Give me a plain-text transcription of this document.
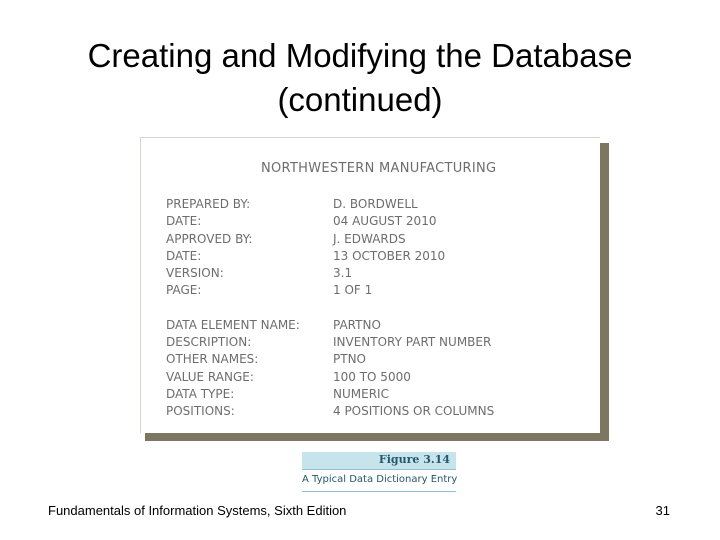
Creating and Modifying the Database
(continued)
NORTHWESTERN MANUFACTURING
PREPARED BY:	D. BORDWELL
DATE:	04 AUGUST 2010
APPROVED BY:	J. EDWARDS
DATE:	13 OCTOBER 2010
VERSION:	3.1
PAGE:	1 OF 1
DATA ELEMENT NAME:	PARTNO
DESCRIPTION:	INVENTORY PART NUMBER
OTHER NAMES:	PTNO
VALUE RANGE:	100 TO 5000
DATA TYPE:	NUMERIC
POSITIONS:	4 POSITIONS OR COLUMNS
Figure 3.14
A Typical Data Dictionary Entry
Fundamentals of Information Systems, Sixth Edition	31
